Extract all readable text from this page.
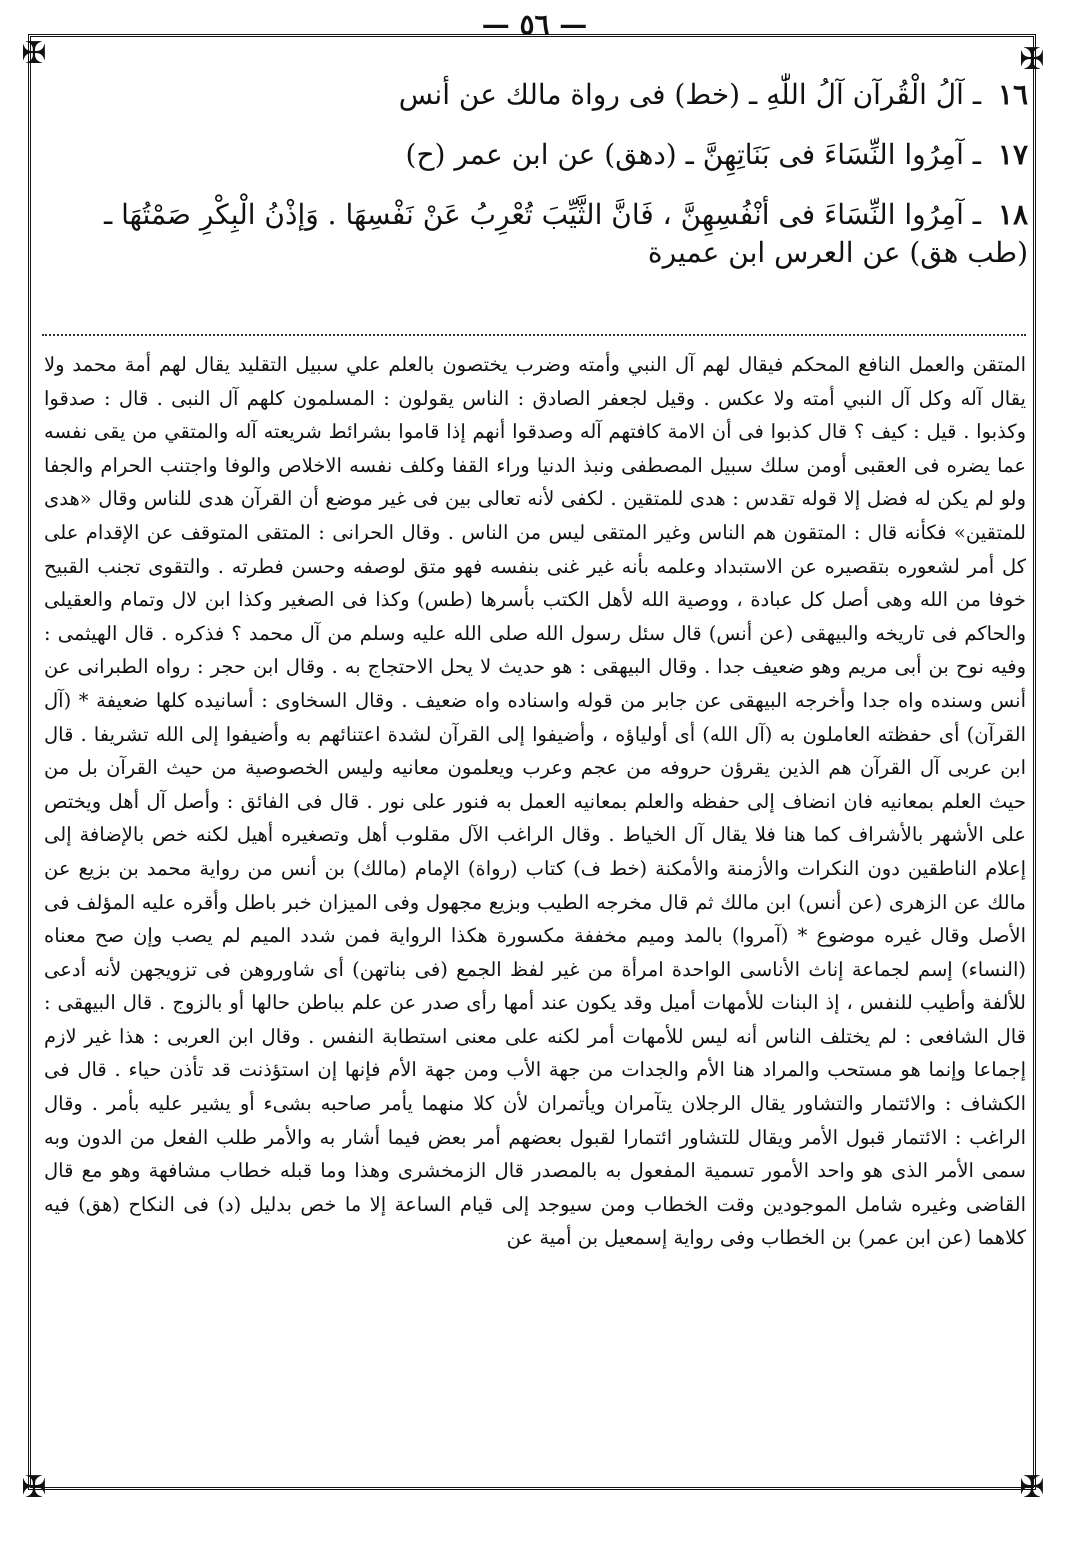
✠	✠
✠	✠
— ٥٦ —
١٦ ـ آلُ الْقُرآن آلُ اللّٰهِ ـ (خط) فى رواة مالك عن أنس
١٧ ـ آمِرُوا النِّسَاءَ فى بَنَاتِهِنَّ ـ (دهق) عن ابن عمر (ح)
١٨ ـ آمِرُوا النِّسَاءَ فى أنْفُسِهِنَّ ، فَانَّ الثَّيِّبَ تُعْرِبُ عَنْ نَفْسِهَا . وَإذْنُ الْبِكْرِ صَمْتُهَا ـ (طب هق) عن العرس ابن عميرة

المتقن والعمل النافع المحكم فيقال لهم آل النبي وأمته وضرب يختصون بالعلم علي سبيل التقليد يقال لهم أمة محمد ولا يقال آله وكل آل النبي أمته ولا عكس . وقيل لجعفر الصادق : الناس يقولون : المسلمون كلهم آل النبى . قال : صدقوا وكذبوا . قيل : كيف ؟ قال كذبوا فى أن الامة كافتهم آله وصدقوا أنهم إذا قاموا بشرائط شريعته آله والمتقي من يقى نفسه عما يضره فى العقبى أومن سلك سبيل المصطفى ونبذ الدنيا وراء القفا وكلف نفسه الاخلاص والوفا واجتنب الحرام والجفا ولو لم يكن له فضل إلا قوله تقدس : هدى للمتقين . لكفى لأنه تعالى بين فى غير موضع أن القرآن هدى للناس وقال «هدى للمتقين» فكأنه قال : المتقون هم الناس وغير المتقى ليس من الناس . وقال الحرانى : المتقى المتوقف عن الإقدام على كل أمر لشعوره بتقصيره عن الاستبداد وعلمه بأنه غير غنى بنفسه فهو متق لوصفه وحسن فطرته . والتقوى تجنب القبيح خوفا من الله وهى أصل كل عبادة ، ووصية الله لأهل الكتب بأسرها (طس) وكذا فى الصغير وكذا ابن لال وتمام والعقيلى والحاكم فى تاريخه والبيهقى (عن أنس) قال سئل رسول الله صلى الله عليه وسلم من آل محمد ؟ فذكره . قال الهيثمى : وفيه نوح بن أبى مريم وهو ضعيف جدا . وقال البيهقى : هو حديث لا يحل الاحتجاج به . وقال ابن حجر : رواه الطبرانى عن أنس وسنده واه جدا وأخرجه البيهقى عن جابر من قوله واسناده واه ضعيف . وقال السخاوى : أسانيده كلها ضعيفة * (آل القرآن) أى حفظته العاملون به (آل الله) أى أولياؤه ، وأضيفوا إلى القرآن لشدة اعتنائهم به وأضيفوا إلى الله تشريفا . قال ابن عربى آل القرآن هم الذين يقرؤن حروفه من عجم وعرب ويعلمون معانيه وليس الخصوصية من حيث القرآن بل من حيث العلم بمعانيه فان انضاف إلى حفظه والعلم بمعانيه العمل به فنور على نور . قال فى الفائق : وأصل آل أهل ويختص على الأشهر بالأشراف كما هنا فلا يقال آل الخياط . وقال الراغب الآل مقلوب أهل وتصغيره أهيل لكنه خص بالإضافة إلى إعلام الناطقين دون النكرات والأزمنة والأمكنة (خط ف) كتاب (رواة) الإمام (مالك) بن أنس من رواية محمد بن بزيع عن مالك عن الزهرى (عن أنس) ابن مالك ثم قال مخرجه الطيب وبزيع مجهول وفى الميزان خبر باطل وأقره عليه المؤلف فى الأصل وقال غيره موضوع * (آمروا) بالمد وميم مخففة مكسورة هكذا الرواية فمن شدد الميم لم يصب وإن صح معناه (النساء) إسم لجماعة إناث الأناسى الواحدة امرأة من غير لفظ الجمع (فى بناتهن) أى شاوروهن فى تزويجهن لأنه أدعى للألفة وأطيب للنفس ، إذ البنات للأمهات أميل وقد يكون عند أمها رأى صدر عن علم بباطن حالها أو بالزوج . قال البيهقى : قال الشافعى : لم يختلف الناس أنه ليس للأمهات أمر لكنه على معنى استطابة النفس . وقال ابن العربى : هذا غير لازم إجماعا وإنما هو مستحب والمراد هنا الأم والجدات من جهة الأب ومن جهة الأم فإنها إن استؤذنت قد تأذن حياء . قال فى الكشاف : والائتمار والتشاور يقال الرجلان يتآمران ويأتمران لأن كلا منهما يأمر صاحبه بشىء أو يشير عليه بأمر . وقال الراغب : الائتمار قبول الأمر ويقال للتشاور ائتمارا لقبول بعضهم أمر بعض فيما أشار به والأمر طلب الفعل من الدون وبه سمى الأمر الذى هو واحد الأمور تسمية المفعول به بالمصدر قال الزمخشرى وهذا وما قبله خطاب مشافهة وهو مع قال القاضى وغيره شامل الموجودين وقت الخطاب ومن سيوجد إلى قيام الساعة إلا ما خص بدليل (د) فى النكاح (هق) فيه كلاهما (عن ابن عمر) بن الخطاب وفى رواية إسمعيل بن أمية عن
